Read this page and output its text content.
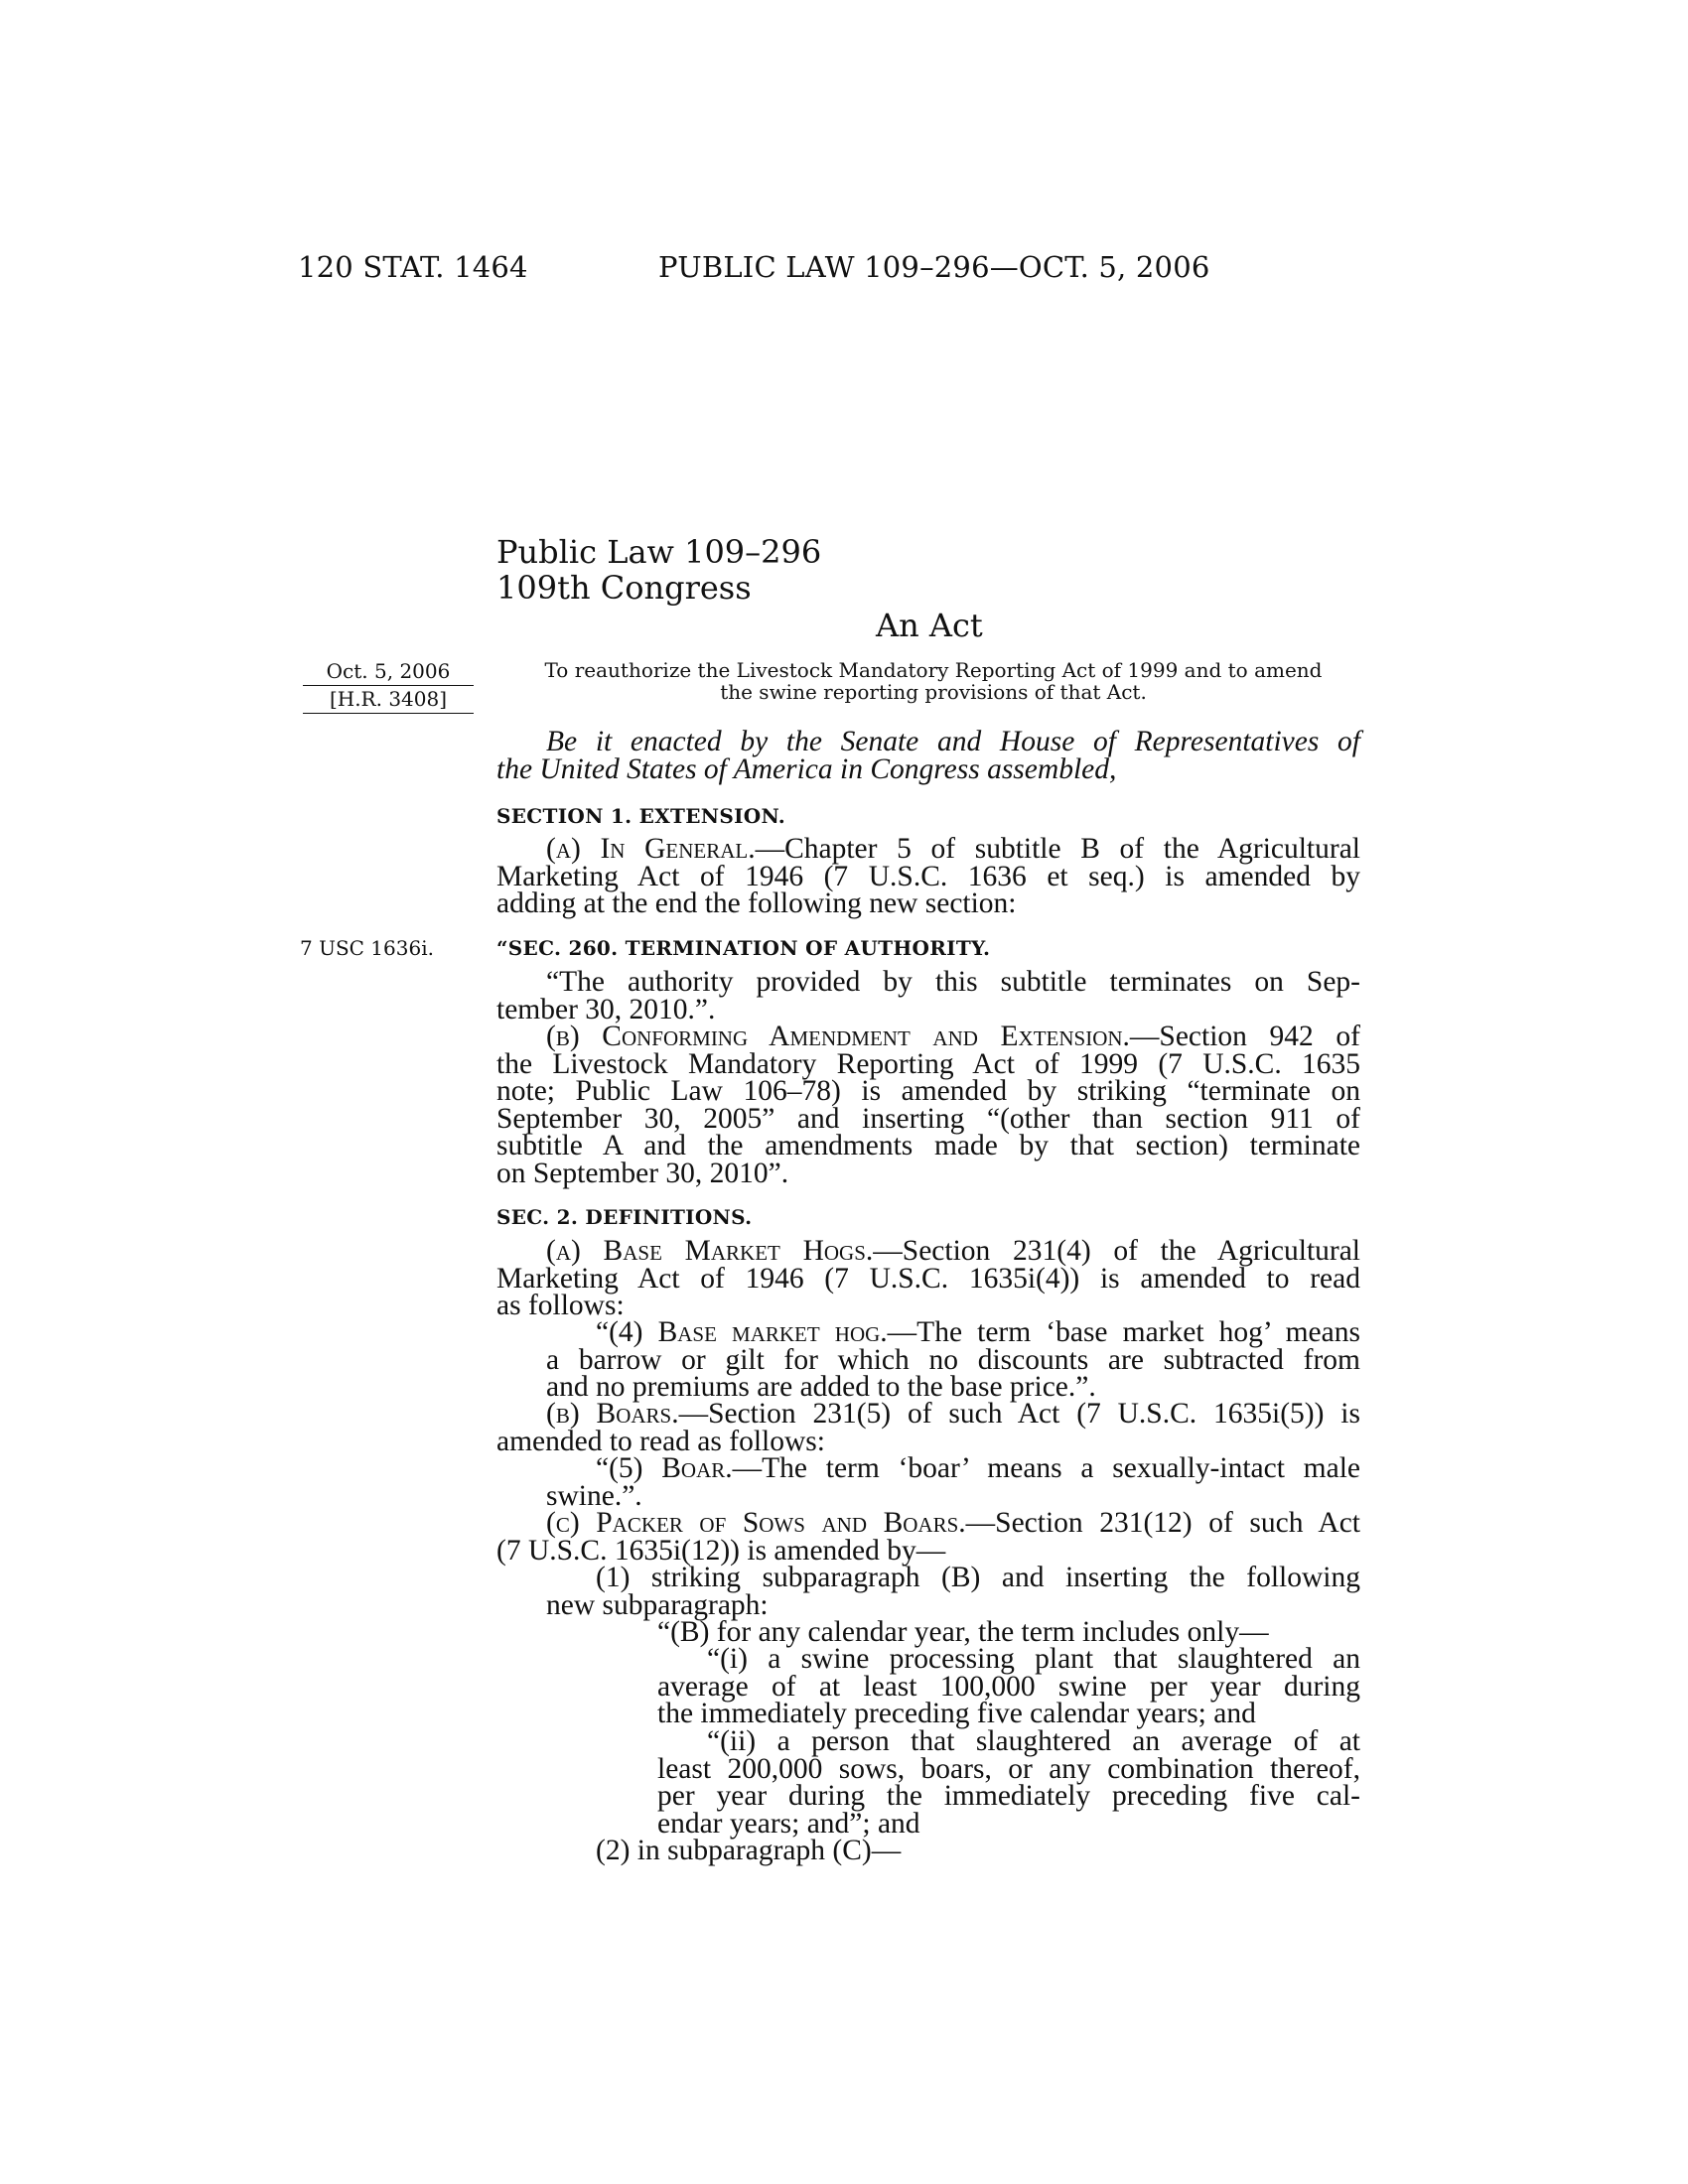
120 STAT. 1464	PUBLIC LAW 109–296—OCT. 5, 2006
Public Law 109–296
109th Congress
An Act
Oct. 5, 2006
[H.R. 3408]
7 USC 1636i.
To reauthorize the Livestock Mandatory Reporting Act of 1999 and to amend
the swine reporting provisions of that Act.
Be it enacted by the Senate and House of Representatives of
the United States of America in Congress assembled,
SECTION 1. EXTENSION.
(a) In General.—Chapter 5 of subtitle B of the Agricultural
Marketing Act of 1946 (7 U.S.C. 1636 et seq.) is amended by
adding at the end the following new section:
“SEC. 260. TERMINATION OF AUTHORITY.
“The authority provided by this subtitle terminates on Sep-
tember 30, 2010.”.
(b) Conforming Amendment and Extension.—Section 942 of
the Livestock Mandatory Reporting Act of 1999 (7 U.S.C. 1635
note; Public Law 106–78) is amended by striking “terminate on
September 30, 2005” and inserting “(other than section 911 of
subtitle A and the amendments made by that section) terminate
on September 30, 2010”.
SEC. 2. DEFINITIONS.
(a) Base Market Hogs.—Section 231(4) of the Agricultural
Marketing Act of 1946 (7 U.S.C. 1635i(4)) is amended to read
as follows:
“(4) Base market hog.—The term ‘base market hog’ means
a barrow or gilt for which no discounts are subtracted from
and no premiums are added to the base price.”.
(b) Boars.—Section 231(5) of such Act (7 U.S.C. 1635i(5)) is
amended to read as follows:
“(5) Boar.—The term ‘boar’ means a sexually-intact male
swine.”.
(c) Packer of Sows and Boars.—Section 231(12) of such Act
(7 U.S.C. 1635i(12)) is amended by—
(1) striking subparagraph (B) and inserting the following
new subparagraph:
“(B) for any calendar year, the term includes only—
“(i) a swine processing plant that slaughtered an
average of at least 100,000 swine per year during
the immediately preceding five calendar years; and
“(ii) a person that slaughtered an average of at
least 200,000 sows, boars, or any combination thereof,
per year during the immediately preceding five cal-
endar years; and”; and
(2) in subparagraph (C)—
